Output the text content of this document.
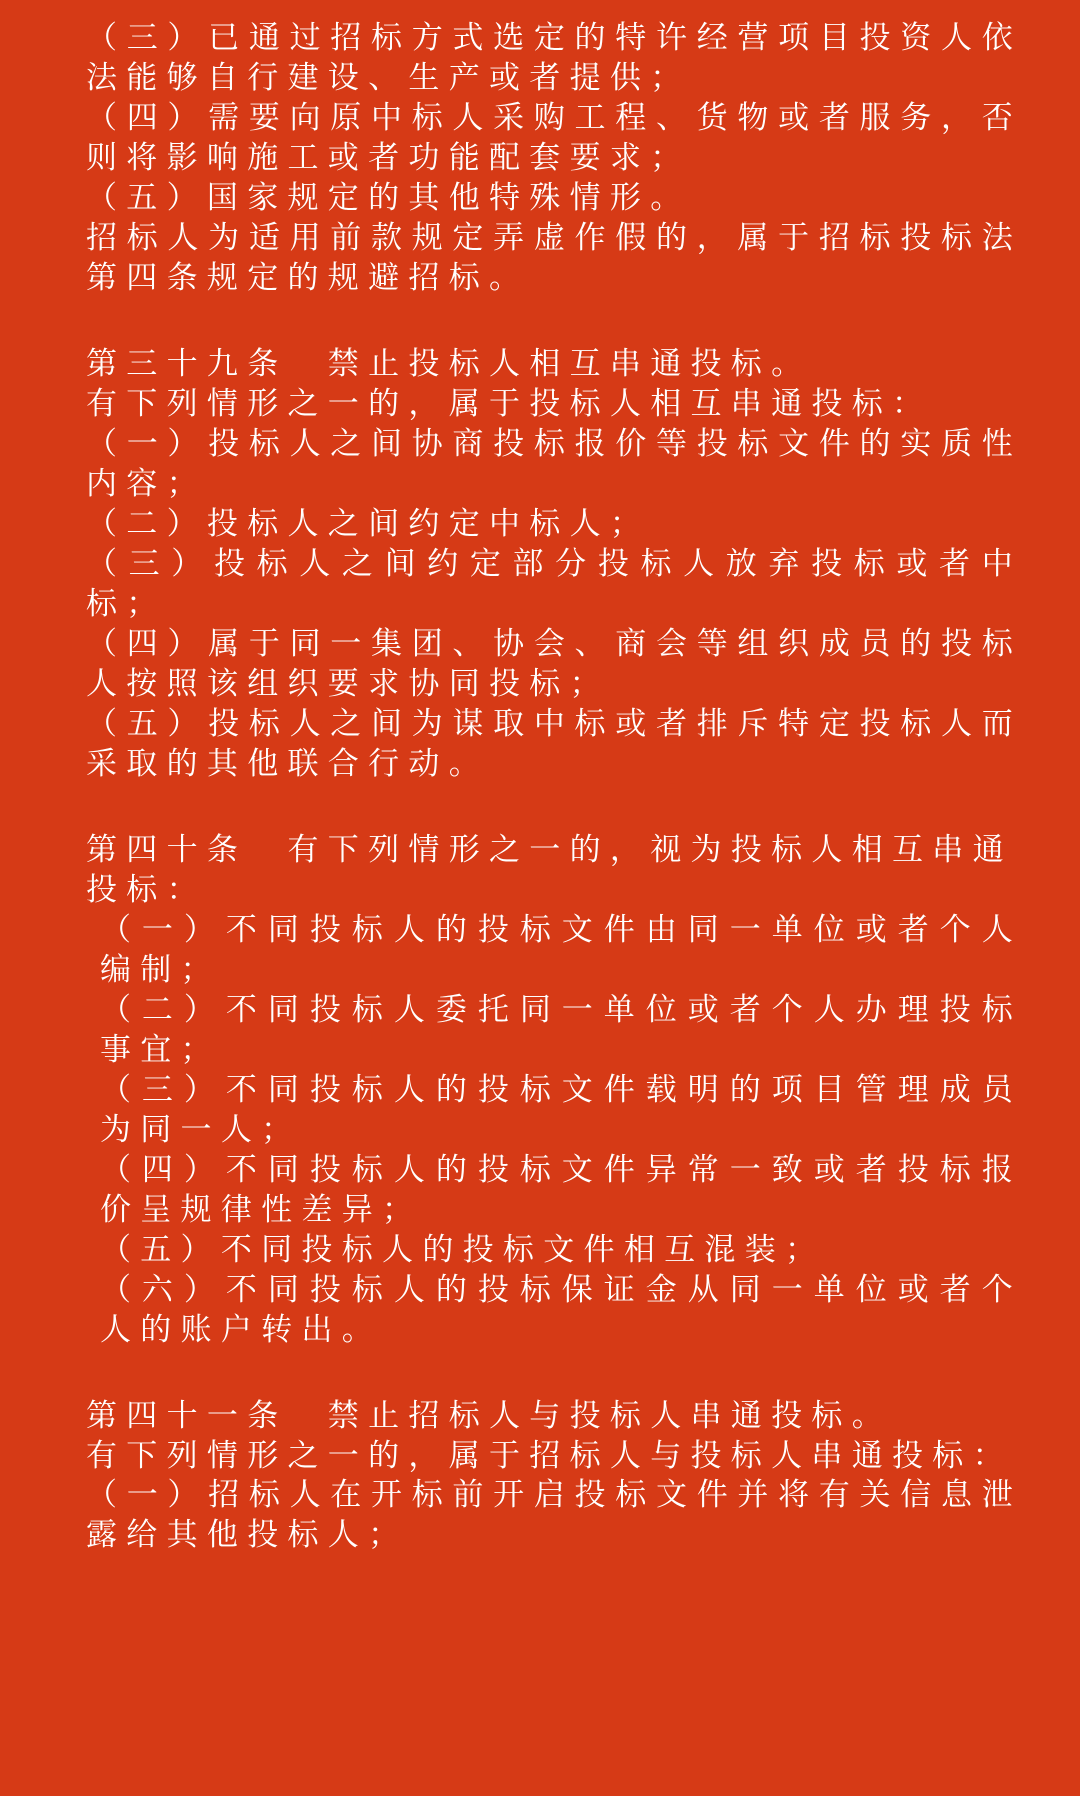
（三）已通过招标方式选定的特许经营项目投资人依法能够自行建设、生产或者提供；

（四）需要向原中标人采购工程、货物或者服务，否则将影响施工或者功能配套要求；

（五）国家规定的其他特殊情形。

招标人为适用前款规定弄虚作假的，属于招标投标法第四条规定的规避招标。

第三十九条　禁止投标人相互串通投标。

有下列情形之一的，属于投标人相互串通投标：

（一）投标人之间协商投标报价等投标文件的实质性内容；

（二）投标人之间约定中标人；

（三）投标人之间约定部分投标人放弃投标或者中标；

（四）属于同一集团、协会、商会等组织成员的投标人按照该组织要求协同投标；

（五）投标人之间为谋取中标或者排斥特定投标人而采取的其他联合行动。

第四十条　有下列情形之一的，视为投标人相互串通投标：

（一）不同投标人的投标文件由同一单位或者个人编制；

（二）不同投标人委托同一单位或者个人办理投标事宜；

（三）不同投标人的投标文件载明的项目管理成员为同一人；

（四）不同投标人的投标文件异常一致或者投标报价呈规律性差异；

（五）不同投标人的投标文件相互混装；

（六）不同投标人的投标保证金从同一单位或者个人的账户转出。

第四十一条　禁止招标人与投标人串通投标。

有下列情形之一的，属于招标人与投标人串通投标：

（一）招标人在开标前开启投标文件并将有关信息泄露给其他投标人；
